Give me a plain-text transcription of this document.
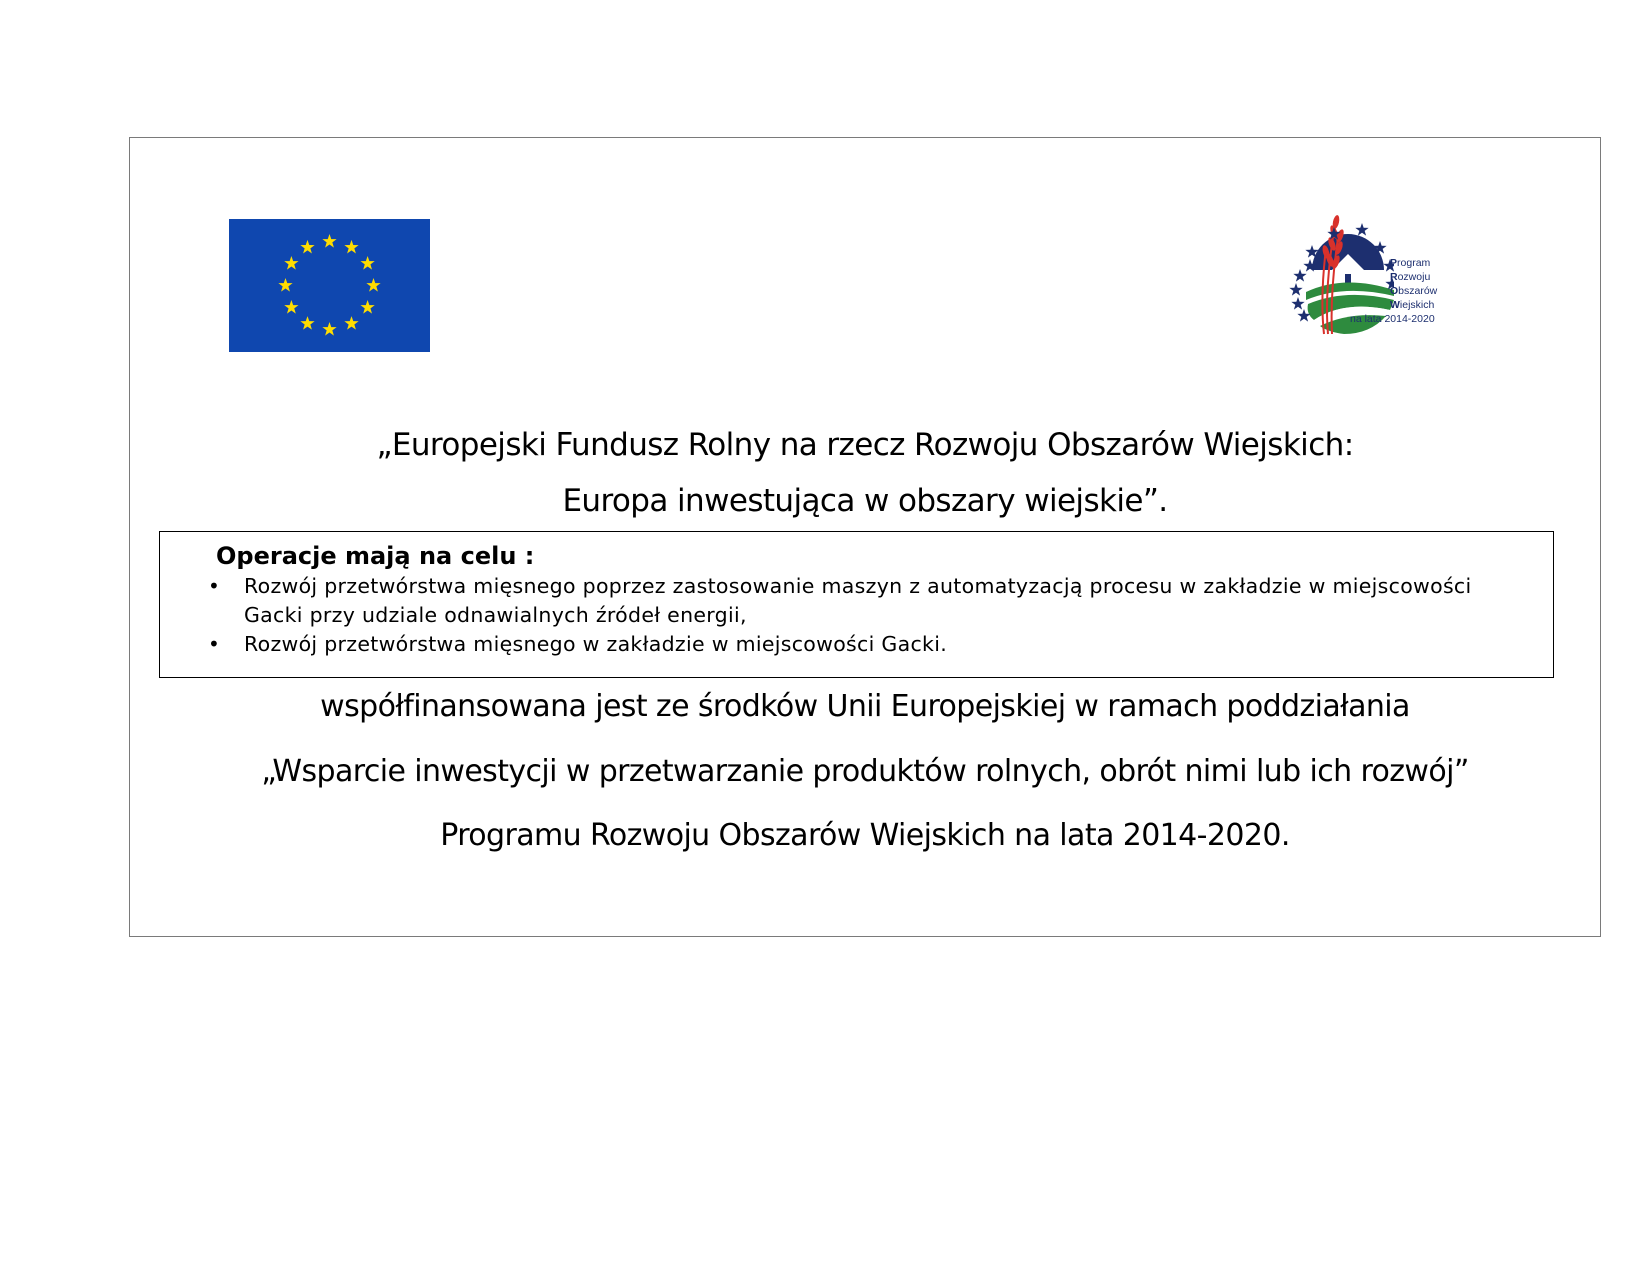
Program
Rozwoju
Obszarów
Wiejskich
na lata 2014-2020
„Europejski Fundusz Rolny na rzecz Rozwoju Obszarów Wiejskich:
Europa inwestująca w obszary wiejskie”.
Operacje mają na celu :
•	Rozwój przetwórstwa mięsnego poprzez zastosowanie maszyn z automatyzacją procesu w zakładzie w miejscowości Gacki przy udziale odnawialnych źródeł energii,
•	Rozwój przetwórstwa mięsnego w zakładzie w miejscowości Gacki.
współfinansowana jest ze środków Unii Europejskiej w ramach poddziałania
„Wsparcie inwestycji w przetwarzanie produktów rolnych, obrót nimi lub ich rozwój”
Programu Rozwoju Obszarów Wiejskich na lata 2014-2020.
